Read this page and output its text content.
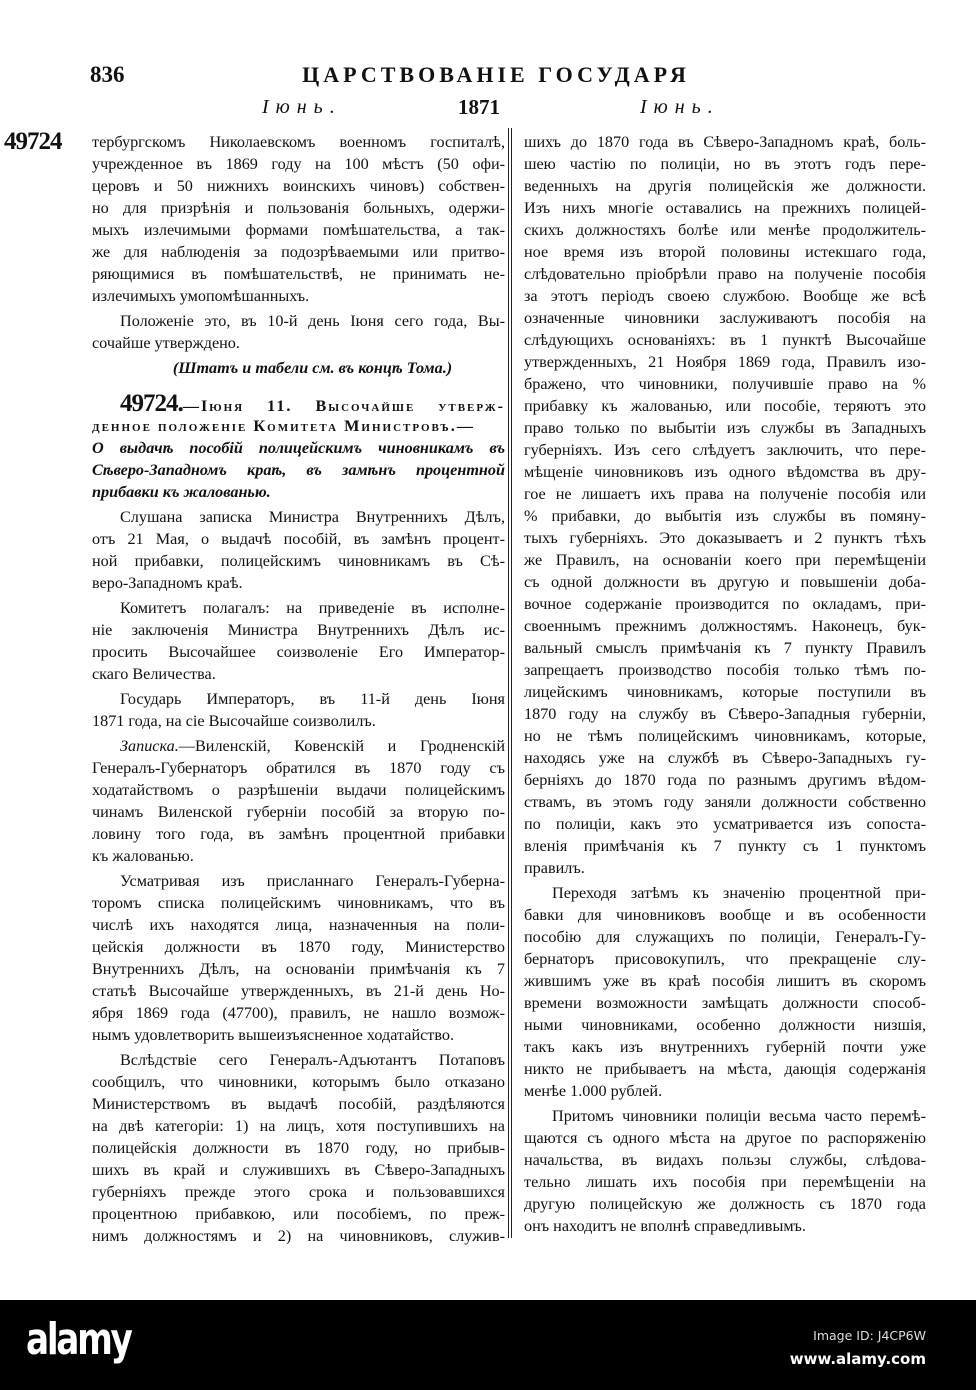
836	ЦАРСТВОВАНІЕ ГОСУДАРЯ
Іюнь.	1871	Іюнь.
49724 тербургскомъ Николаевскомъ военномъ госпиталѣ,
учрежденное въ 1869 году на 100 мѣстъ (50 офи-
церовъ и 50 нижнихъ воинскихъ чиновъ) собствен-
но для призрѣнія и пользованія больныхъ, одержи-
мыхъ излечимыми формами помѣшательства, а так-
же для наблюденія за подозрѣваемыми или притво-
ряющимися въ помѣшательствѣ, не принимать не-
излечимыхъ умопомѣшанныхъ.
Положеніе это, въ 10-й день Іюня сего года, Вы-
сочайше утверждено.
(Штатъ и табели см. въ концѣ Тома.)
49724.—Іюня 11. Высочайше утверж-
денное положеніе Комитета Министровъ.—
О выдачѣ пособій полицейскимъ чиновникамъ въ
Сѣверо-Западномъ краѣ, въ замѣнъ процентной
прибавки къ жалованью.
Слушана записка Министра Внутреннихъ Дѣлъ,
отъ 21 Мая, о выдачѣ пособій, въ замѣнъ процент-
ной прибавки, полицейскимъ чиновникамъ въ Сѣ-
веро-Западномъ краѣ.
Комитетъ полагалъ: на приведеніе въ исполне-
ніе заключенія Министра Внутреннихъ Дѣлъ ис-
просить Высочайшее соизволеніе Его Император-
скаго Величества.
Государь Императоръ, въ 11-й день Іюня
1871 года, на сіе Высочайше соизволилъ.
Записка.—Виленскій, Ковенскій и Гродненскій
Генералъ-Губернаторъ обратился въ 1870 году съ
ходатайствомъ о разрѣшеніи выдачи полицейскимъ
чинамъ Виленской губерніи пособій за вторую по-
ловину того года, въ замѣнъ процентной прибавки
къ жалованью.
Усматривая изъ присланнаго Генералъ-Губерна-
торомъ списка полицейскимъ чиновникамъ, что въ
числѣ ихъ находятся лица, назначенныя на поли-
цейскія должности въ 1870 году, Министерство
Внутреннихъ Дѣлъ, на основаніи примѣчанія къ 7
статьѣ Высочайше утвержденныхъ, въ 21-й день Но-
ября 1869 года (47700), правилъ, не нашло возмож-
нымъ удовлетворить вышеизъясненное ходатайство.
Вслѣдствіе сего Генералъ-Адъютантъ Потаповъ
сообщилъ, что чиновники, которымъ было отказано
Министерствомъ въ выдачѣ пособій, раздѣляются
на двѣ категоріи: 1) на лицъ, хотя поступившихъ на
полицейскія должности въ 1870 году, но прибыв-
шихъ въ край и служившихъ въ Сѣверо-Западныхъ
губерніяхъ прежде этого срока и пользовавшихся
процентною прибавкою, или пособіемъ, по преж-
нимъ должностямъ и 2) на чиновниковъ, служив-
шихъ до 1870 года въ Сѣверо-Западномъ краѣ, боль-
шею частію по полиціи, но въ этотъ годъ пере-
веденныхъ на другія полицейскія же должности.
Изъ нихъ многіе оставались на прежнихъ полицей-
скихъ должностяхъ болѣе или менѣе продолжитель-
ное время изъ второй половины истекшаго года,
слѣдовательно пріобрѣли право на полученіе пособія
за этотъ періодъ своею службою. Вообще же всѣ
означенные чиновники заслуживаютъ пособія на
слѣдующихъ основаніяхъ: въ 1 пунктѣ Высочайше
утвержденныхъ, 21 Ноября 1869 года, Правилъ изо-
бражено, что чиновники, получившіе право на %
прибавку къ жалованью, или пособіе, теряютъ это
право только по выбытіи изъ службы въ Западныхъ
губерніяхъ. Изъ сего слѣдуетъ заключить, что пере-
мѣщеніе чиновниковъ изъ одного вѣдомства въ дру-
гое не лишаетъ ихъ права на полученіе пособія или
% прибавки, до выбытія изъ службы въ помяну-
тыхъ губерніяхъ. Это доказываетъ и 2 пунктъ тѣхъ
же Правилъ, на основаніи коего при перемѣщеніи
съ одной должности въ другую и повышеніи доба-
вочное содержаніе производится по окладамъ, при-
своеннымъ прежнимъ должностямъ. Наконецъ, бук-
вальный смыслъ примѣчанія къ 7 пункту Правилъ
запрещаетъ производство пособія только тѣмъ по-
лицейскимъ чиновникамъ, которые поступили въ
1870 году на службу въ Сѣверо-Западныя губерніи,
но не тѣмъ полицейскимъ чиновникамъ, которые,
находясь уже на службѣ въ Сѣверо-Западныхъ гу-
берніяхъ до 1870 года по разнымъ другимъ вѣдом-
ствамъ, въ этомъ году заняли должности собственно
по полиціи, какъ это усматривается изъ сопоста-
вленія примѣчанія къ 7 пункту съ 1 пунктомъ
правилъ.
Переходя затѣмъ къ значенію процентной при-
бавки для чиновниковъ вообще и въ особенности
пособію для служащихъ по полиціи, Генералъ-Гу-
бернаторъ присовокупилъ, что прекращеніе слу-
жившимъ уже въ краѣ пособія лишитъ въ скоромъ
времени возможности замѣщать должности способ-
ными чиновниками, особенно должности низшія,
такъ какъ изъ внутреннихъ губерній почти уже
никто не прибываетъ на мѣста, дающія содержанія
менѣе 1.000 рублей.
Притомъ чиновники полиціи весьма часто перемѣ-
щаются съ одного мѣста на другое по распоряженію
начальства, въ видахъ пользы службы, слѣдова-
тельно лишать ихъ пособія при перемѣщеніи на
другую полицейскую же должность съ 1870 года
онъ находитъ не вполнѣ справедливымъ.
alamy	Image ID: J4CP6W
www.alamy.com
